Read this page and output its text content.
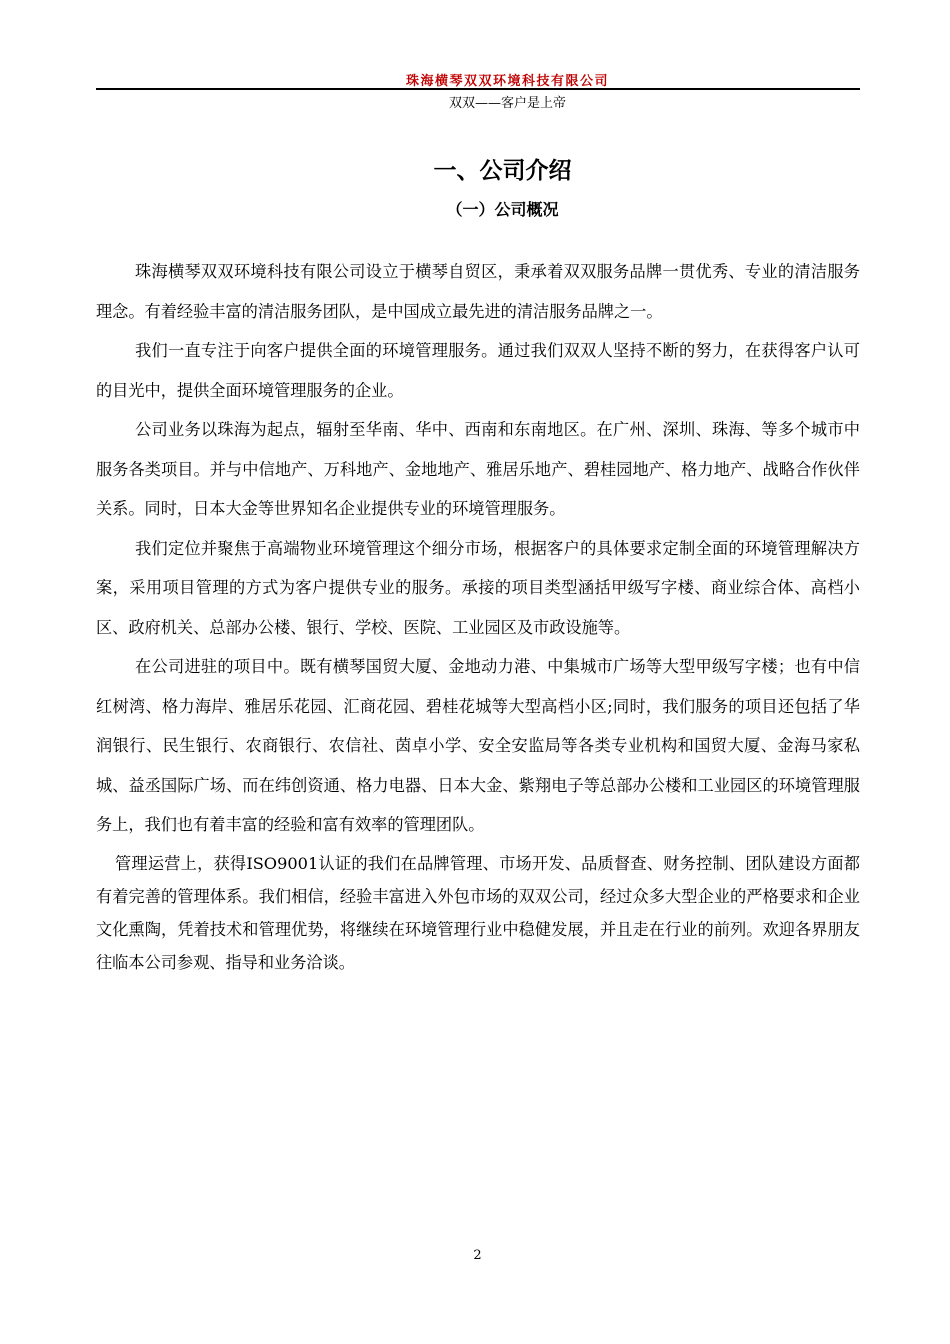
珠海横琴双双环境科技有限公司
双双——客户是上帝
一、公司介绍
（一）公司概况

珠海横琴双双环境科技有限公司设立于横琴自贸区，秉承着双双服务品牌一贯优秀、专业的清洁服务理念。有着经验丰富的清洁服务团队，是中国成立最先进的清洁服务品牌之一。

我们一直专注于向客户提供全面的环境管理服务。通过我们双双人坚持不断的努力，在获得客户认可的目光中，提供全面环境管理服务的企业。

公司业务以珠海为起点，辐射至华南、华中、西南和东南地区。在广州、深圳、珠海、等多个城市中服务各类项目。并与中信地产、万科地产、金地地产、雅居乐地产、碧桂园地产、格力地产、战略合作伙伴关系。同时，日本大金等世界知名企业提供专业的环境管理服务。

我们定位并聚焦于高端物业环境管理这个细分市场，根据客户的具体要求定制全面的环境管理解决方案，采用项目管理的方式为客户提供专业的服务。承接的项目类型涵括甲级写字楼、商业综合体、高档小区、政府机关、总部办公楼、银行、学校、医院、工业园区及市政设施等。

在公司进驻的项目中。既有横琴国贸大厦、金地动力港、中集城市广场等大型甲级写字楼；也有中信红树湾、格力海岸、雅居乐花园、汇商花园、碧桂花城等大型高档小区;同时，我们服务的项目还包括了华润银行、民生银行、农商银行、农信社、茵卓小学、安全安监局等各类专业机构和国贸大厦、金海马家私城、益丞国际广场、而在纬创资通、格力电器、日本大金、紫翔电子等总部办公楼和工业园区的环境管理服务上，我们也有着丰富的经验和富有效率的管理团队。

管理运营上，获得ISO9001认证的我们在品牌管理、市场开发、品质督查、财务控制、团队建设方面都有着完善的管理体系。我们相信，经验丰富进入外包市场的双双公司，经过众多大型企业的严格要求和企业文化熏陶，凭着技术和管理优势，将继续在环境管理行业中稳健发展，并且走在行业的前列。欢迎各界朋友往临本公司参观、指导和业务洽谈。

2
